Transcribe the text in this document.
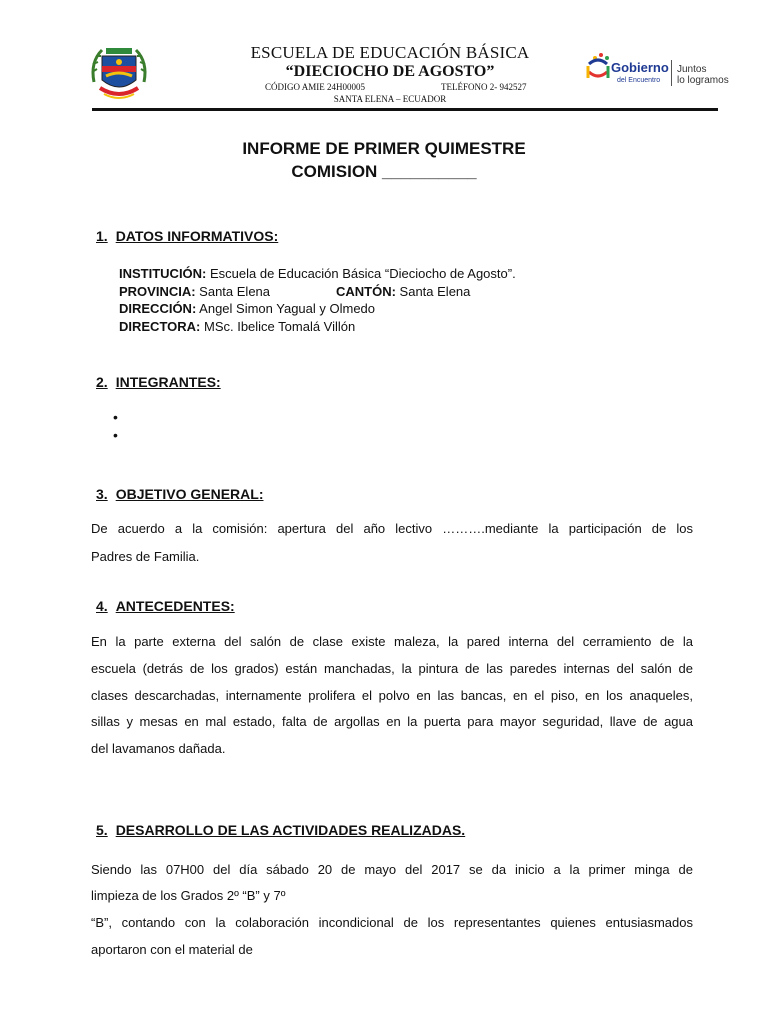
ESCUELA DE EDUCACIÓN BÁSICA
“DIECIOCHO DE AGOSTO”
CÓDIGO AMIE 24H00005	TELÉFONO 2- 942527
SANTA ELENA – ECUADOR
Gobierno
del Encuentro
Juntos
lo logramos
INFORME DE PRIMER QUIMESTRE
COMISION __________
1. DATOS INFORMATIVOS:
INSTITUCIÓN: Escuela de Educación Básica “Dieciocho de Agosto”.
PROVINCIA: Santa Elena	CANTÓN: Santa Elena
DIRECCIÓN: Angel Simon Yagual y Olmedo
DIRECTORA: MSc. Ibelice Tomalá Villón
2. INTEGRANTES:
•
•
3. OBJETIVO GENERAL:
De acuerdo a la comisión: apertura del año lectivo ……….mediante la participación de los
Padres de Familia.
4. ANTECEDENTES:
En la parte externa del salón de clase existe maleza, la pared interna del cerramiento de la
escuela (detrás de los grados) están manchadas, la pintura de las paredes internas del salón de
clases descarchadas, internamente prolifera el polvo en las bancas, en el piso, en los anaqueles,
sillas y mesas en mal estado, falta de argollas en la puerta para mayor seguridad, llave de agua
del lavamanos dañada.
5. DESARROLLO DE LAS ACTIVIDADES REALIZADAS.
Siendo las 07H00 del día sábado 20 de mayo del 2017 se da inicio a la primer minga de
limpieza de los Grados 2º “B” y 7º
“B”, contando con la colaboración incondicional de los representantes quienes entusiasmados
aportaron con el material de
